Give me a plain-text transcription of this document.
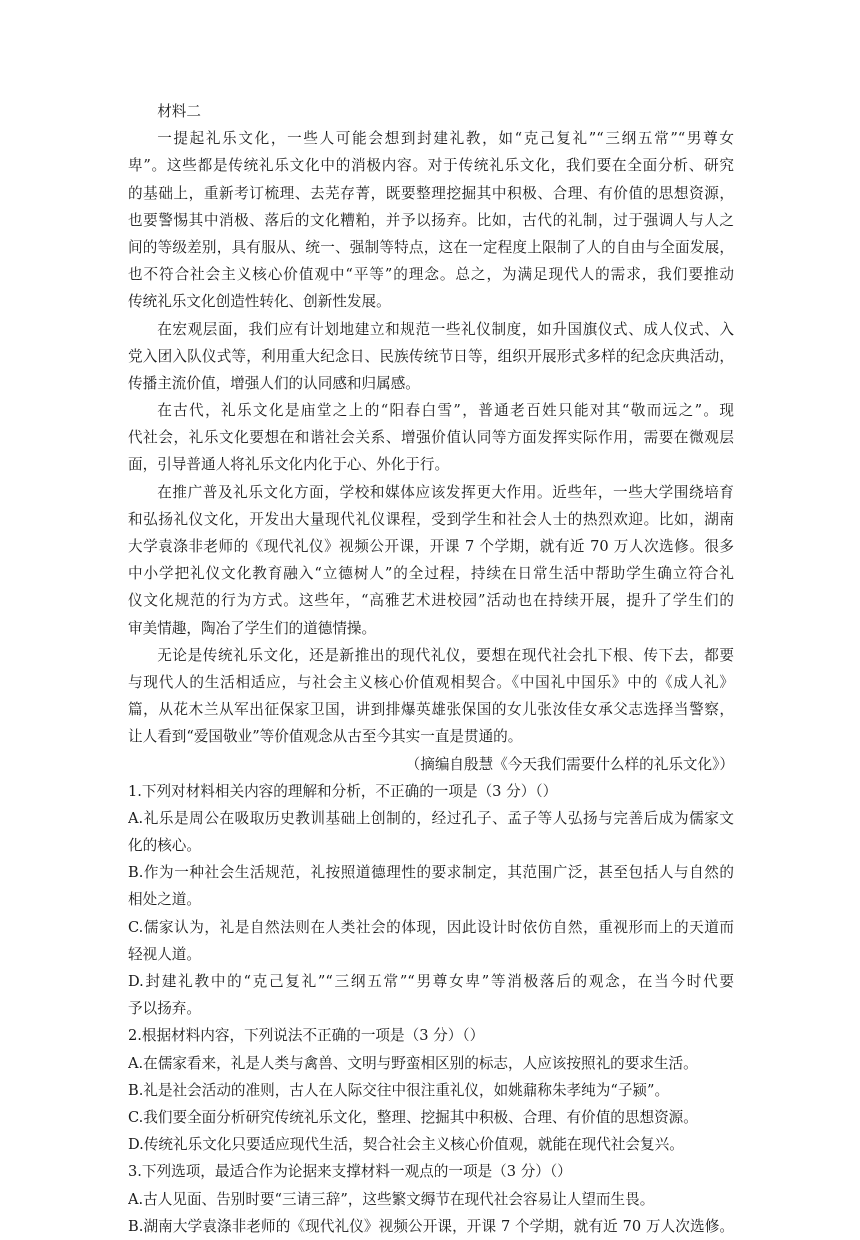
材料二
一提起礼乐文化，一些人可能会想到封建礼教，如“克己复礼”“三纲五常”“男尊女
卑”。这些都是传统礼乐文化中的消极内容。对于传统礼乐文化，我们要在全面分析、研究
的基础上，重新考订梳理、去芜存菁，既要整理挖掘其中积极、合理、有价值的思想资源，
也要警惕其中消极、落后的文化糟粕，并予以扬弃。比如，古代的礼制，过于强调人与人之
间的等级差别，具有服从、统一、强制等特点，这在一定程度上限制了人的自由与全面发展，
也不符合社会主义核心价值观中“平等”的理念。总之，为满足现代人的需求，我们要推动
传统礼乐文化创造性转化、创新性发展。
在宏观层面，我们应有计划地建立和规范一些礼仪制度，如升国旗仪式、成人仪式、入
党入团入队仪式等，利用重大纪念日、民族传统节日等，组织开展形式多样的纪念庆典活动，
传播主流价值，增强人们的认同感和归属感。
在古代，礼乐文化是庙堂之上的“阳春白雪”，普通老百姓只能对其“敬而远之”。现
代社会，礼乐文化要想在和谐社会关系、增强价值认同等方面发挥实际作用，需要在微观层
面，引导普通人将礼乐文化内化于心、外化于行。
在推广普及礼乐文化方面，学校和媒体应该发挥更大作用。近些年，一些大学围绕培育
和弘扬礼仪文化，开发出大量现代礼仪课程，受到学生和社会人士的热烈欢迎。比如，湖南
大学袁涤非老师的《现代礼仪》视频公开课，开课 7 个学期，就有近 70 万人次选修。很多
中小学把礼仪文化教育融入“立德树人”的全过程，持续在日常生活中帮助学生确立符合礼
仪文化规范的行为方式。这些年，“高雅艺术进校园”活动也在持续开展，提升了学生们的
审美情趣，陶冶了学生们的道德情操。
无论是传统礼乐文化，还是新推出的现代礼仪，要想在现代社会扎下根、传下去，都要
与现代人的生活相适应，与社会主义核心价值观相契合。《中国礼中国乐》中的《成人礼》
篇，从花木兰从军出征保家卫国，讲到排爆英雄张保国的女儿张汝佳女承父志选择当警察，
让人看到“爱国敬业”等价值观念从古至今其实一直是贯通的。
（摘编自殷慧《今天我们需要什么样的礼乐文化》）
1.下列对材料相关内容的理解和分析，不正确的一项是（3 分）（）
A.礼乐是周公在吸取历史教训基础上创制的，经过孔子、孟子等人弘扬与完善后成为儒家文
化的核心。
B.作为一种社会生活规范，礼按照道德理性的要求制定，其范围广泛，甚至包括人与自然的
相处之道。
C.儒家认为，礼是自然法则在人类社会的体现，因此设计时依仿自然，重视形而上的天道而
轻视人道。
D.封建礼教中的“克己复礼”“三纲五常”“男尊女卑”等消极落后的观念，在当今时代要
予以扬弃。
2.根据材料内容，下列说法不正确的一项是（3 分）（）
A.在儒家看来，礼是人类与禽兽、文明与野蛮相区别的标志，人应该按照礼的要求生活。
B.礼是社会活动的准则，古人在人际交往中很注重礼仪，如姚鼐称朱孝纯为“子颍”。
C.我们要全面分析研究传统礼乐文化，整理、挖掘其中积极、合理、有价值的思想资源。
D.传统礼乐文化只要适应现代生活，契合社会主义核心价值观，就能在现代社会复兴。
3.下列选项，最适合作为论据来支撑材料一观点的一项是（3 分）（）
A.古人见面、告别时要“三请三辞”，这些繁文缛节在现代社会容易让人望而生畏。
B.湖南大学袁涤非老师的《现代礼仪》视频公开课，开课 7 个学期，就有近 70 万人次选修。
